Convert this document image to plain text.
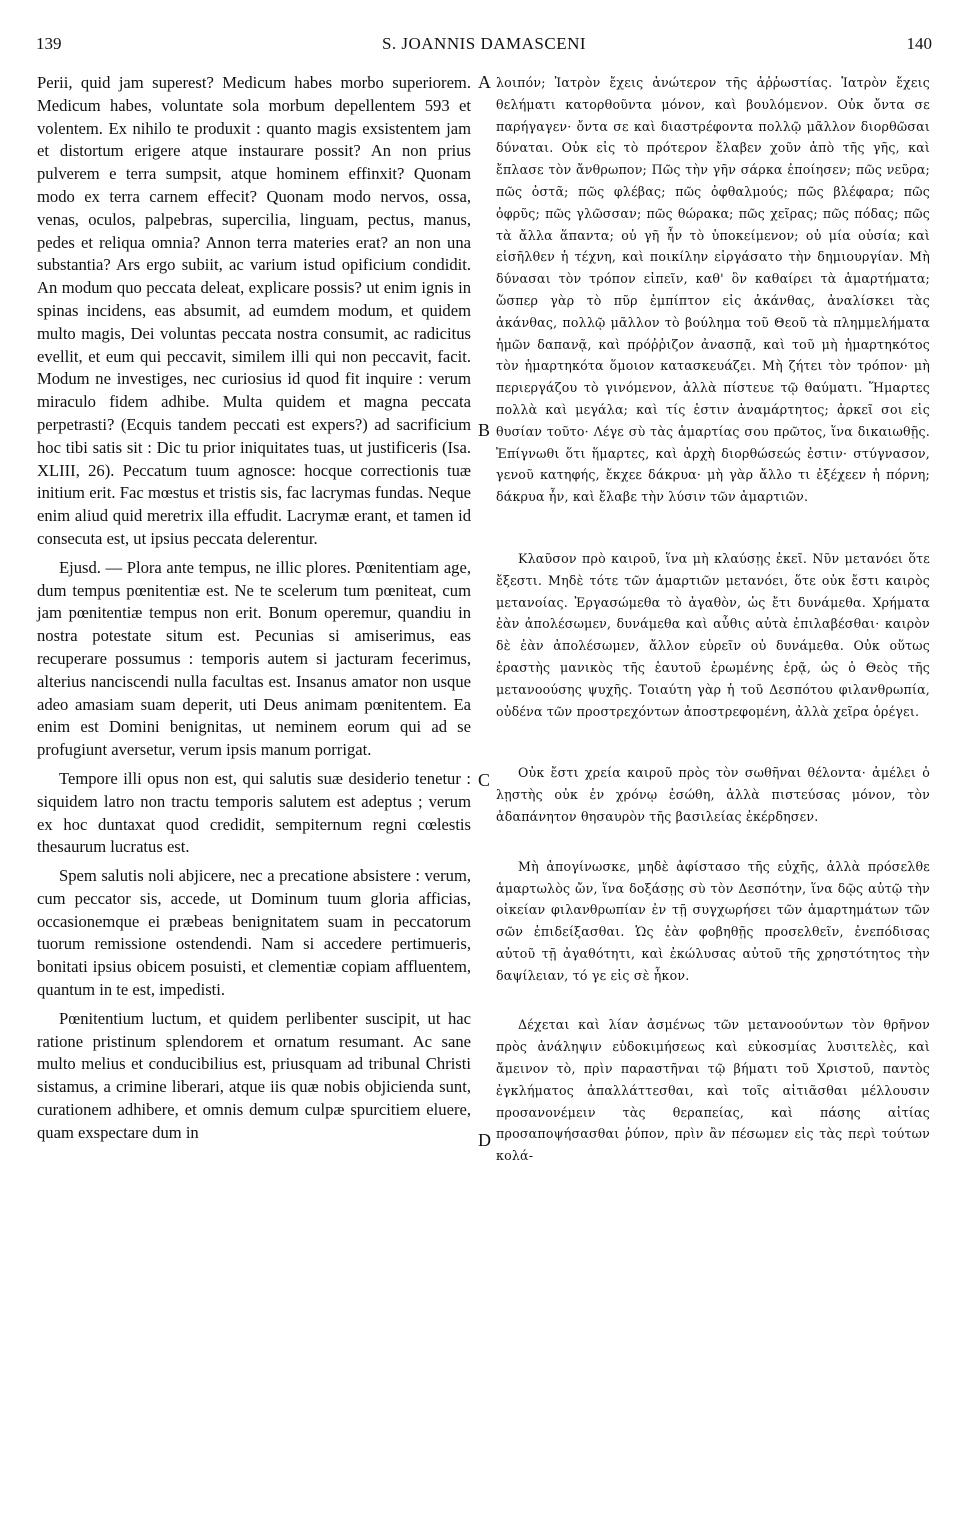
139	S. JOANNIS DAMASCENI	140

Perii, quid jam superest? Medicum habes morbo superiorem. Medicum habes, voluntate sola morbum depellentem 593 et volentem. Ex nihilo te produxit : quanto magis exsistentem jam et distortum erigere atque instaurare possit? An non prius pulverem e terra sumpsit, atque hominem effinxit? Quonam modo ex terra carnem effecit? Quonam modo nervos, ossa, venas, oculos, palpebras, supercilia, linguam, pectus, manus, pedes et reliqua omnia? Annon terra materies erat? an non una substantia? Ars ergo subiit, ac varium istud opificium condidit. An modum quo peccata deleat, explicare possis? ut enim ignis in spinas incidens, eas absumit, ad eumdem modum, et quidem multo magis, Dei voluntas peccata nostra consumit, ac radicitus evellit, et eum qui peccavit, similem illi qui non peccavit, facit. Modum ne investiges, nec curiosius id quod fit inquire : verum miraculo fidem adhibe. Multa quidem et magna peccata perpetrasti? (Ecquis tandem peccati est expers?) ad sacrificium hoc tibi satis sit : Dic tu prior iniquitates tuas, ut justificeris (Isa. XLIII, 26). Peccatum tuum agnosce: hocque correctionis tuæ initium erit. Fac mœstus et tristis sis, fac lacrymas fundas. Neque enim aliud quid meretrix illa effudit. Lacrymæ erant, et tamen id consecuta est, ut ipsius peccata delerentur.

Ejusd. — Plora ante tempus, ne illic plores. Pœnitentiam age, dum tempus pœnitentiæ est. Ne te scelerum tum pœniteat, cum jam pœnitentiæ tempus non erit. Bonum operemur, quandiu in nostra potestate situm est. Pecunias si amiserimus, eas recuperare possumus : temporis autem si jacturam fecerimus, alterius nanciscendi nulla facultas est. Insanus amator non usque adeo amasiam suam deperit, uti Deus animam pœnitentem. Ea enim est Domini benignitas, ut neminem eorum qui ad se profugiunt aversetur, verum ipsis manum porrigat.

Tempore illi opus non est, qui salutis suæ desiderio tenetur : siquidem latro non tractu temporis salutem est adeptus ; verum ex hoc duntaxat quod credidit, sempiternum regni cœlestis thesaurum lucratus est.

Spem salutis noli abjicere, nec a precatione absistere : verum, cum peccator sis, accede, ut Dominum tuum gloria afficias, occasionemque ei præbeas benignitatem suam in peccatorum tuorum remissione ostendendi. Nam si accedere pertimueris, bonitati ipsius obicem posuisti, et clementiæ copiam affluentem, quantum in te est, impedisti.

Pœnitentium luctum, et quidem perlibenter suscipit, ut hac ratione pristinum splendorem et ornatum resumant. Ac sane multo melius et conducibilius est, priusquam ad tribunal Christi sistamus, a crimine liberari, atque iis quæ nobis objicienda sunt, curationem adhibere, et omnis demum culpæ spurcitiem eluere, quam exspectare dum in

A
B
C
D

λοιπόν; Ἰατρὸν ἔχεις ἀνώτερον τῆς ἀῤῥωστίας. Ἰατρὸν ἔχεις θελήματι κατορθοῦντα μόνον, καὶ βουλόμενον. Οὐκ ὄντα σε παρήγαγεν· ὄντα σε καὶ διαστρέφοντα πολλῷ μᾶλλον διορθῶσαι δύναται. Οὐκ εἰς τὸ πρότερον ἔλαβεν χοῦν ἀπὸ τῆς γῆς, καὶ ἔπλασε τὸν ἄνθρωπον; Πῶς τὴν γῆν σάρκα ἐποίησεν; πῶς νεῦρα; πῶς ὀστᾶ; πῶς φλέβας; πῶς ὀφθαλμούς; πῶς βλέφαρα; πῶς ὀφρῦς; πῶς γλῶσσαν; πῶς θώρακα; πῶς χεῖρας; πῶς πόδας; πῶς τὰ ἄλλα ἅπαντα; οὐ γῆ ἦν τὸ ὑποκείμενον; οὐ μία οὐσία; καὶ εἰσῆλθεν ἡ τέχνη, καὶ ποικίλην εἰργάσατο τὴν δημιουργίαν. Μὴ δύνασαι τὸν τρόπον εἰπεῖν, καθ' ὃν καθαίρει τὰ ἁμαρτήματα; ὥσπερ γὰρ τὸ πῦρ ἐμπίπτον εἰς ἀκάνθας, ἀναλίσκει τὰς ἀκάνθας, πολλῷ μᾶλλον τὸ βούλημα τοῦ Θεοῦ τὰ πλημμελήματα ἡμῶν δαπανᾷ, καὶ πρόῤῥιζον ἀνασπᾷ, καὶ τοῦ μὴ ἡμαρτηκότος τὸν ἡμαρτηκότα ὅμοιον κατασκευάζει. Μὴ ζήτει τὸν τρόπον· μὴ περιεργάζου τὸ γινόμενον, ἀλλὰ πίστευε τῷ θαύματι. Ἥμαρτες πολλὰ καὶ μεγάλα; καὶ τίς ἐστιν ἀναμάρτητος; ἀρκεῖ σοι εἰς θυσίαν τοῦτο· Λέγε σὺ τὰς ἁμαρτίας σου πρῶτος, ἵνα δικαιωθῇς. Ἐπίγνωθι ὅτι ἥμαρτες, καὶ ἀρχὴ διορθώσεώς ἐστιν· στύγνασον, γενοῦ κατηφής, ἔκχεε δάκρυα· μὴ γὰρ ἄλλο τι ἐξέχεεν ἡ πόρνη; δάκρυα ἦν, καὶ ἔλαβε τὴν λύσιν τῶν ἁμαρτιῶν.

Κλαῦσον πρὸ καιροῦ, ἵνα μὴ κλαύσῃς ἐκεῖ. Νῦν μετανόει ὅτε ἔξεστι. Μηδὲ τότε τῶν ἁμαρτιῶν μετανόει, ὅτε οὐκ ἔστι καιρὸς μετανοίας. Ἐργασώμεθα τὸ ἀγαθὸν, ὡς ἔτι δυνάμεθα. Χρήματα ἐὰν ἀπολέσωμεν, δυνάμεθα καὶ αὖθις αὐτὰ ἐπιλαβέσθαι· καιρὸν δὲ ἐὰν ἀπολέσωμεν, ἄλλον εὑρεῖν οὐ δυνάμεθα. Οὐκ οὕτως ἐραστὴς μανικὸς τῆς ἑαυτοῦ ἐρωμένης ἐρᾷ, ὡς ὁ Θεὸς τῆς μετανοούσης ψυχῆς. Τοιαύτη γὰρ ἡ τοῦ Δεσπότου φιλανθρωπία, οὐδένα τῶν προστρεχόντων ἀποστρεφομένη, ἀλλὰ χεῖρα ὀρέγει.

Οὐκ ἔστι χρεία καιροῦ πρὸς τὸν σωθῆναι θέλοντα· ἀμέλει ὁ λῃστὴς οὐκ ἐν χρόνῳ ἐσώθη, ἀλλὰ πιστεύσας μόνον, τὸν ἀδαπάνητον θησαυρὸν τῆς βασιλείας ἐκέρδησεν.

Μὴ ἀπογίνωσκε, μηδὲ ἀφίστασο τῆς εὐχῆς, ἀλλὰ πρόσελθε ἁμαρτωλὸς ὤν, ἵνα δοξάσῃς σὺ τὸν Δεσπότην, ἵνα δῷς αὐτῷ τὴν οἰκείαν φιλανθρωπίαν ἐν τῇ συγχωρήσει τῶν ἁμαρτημάτων τῶν σῶν ἐπιδείξασθαι. Ὡς ἐὰν φοβηθῇς προσελθεῖν, ἐνεπόδισας αὐτοῦ τῇ ἀγαθότητι, καὶ ἐκώλυσας αὐτοῦ τῆς χρηστότητος τὴν δαψίλειαν, τό γε εἰς σὲ ἧκον.

Δέχεται καὶ λίαν ἀσμένως τῶν μετανοούντων τὸν θρῆνον πρὸς ἀνάληψιν εὐδοκιμήσεως καὶ εὐκοσμίας λυσιτελὲς, καὶ ἄμεινον τὸ, πρὶν παραστῆναι τῷ βήματι τοῦ Χριστοῦ, παντὸς ἐγκλήματος ἀπαλλάττεσθαι, καὶ τοῖς αἰτιᾶσθαι μέλλουσιν προσανονέμειν τὰς θεραπείας, καὶ πάσης αἰτίας προσαποψήσασθαι ῥύπον, πρὶν ἂν πέσωμεν εἰς τὰς περὶ τούτων κολά-
